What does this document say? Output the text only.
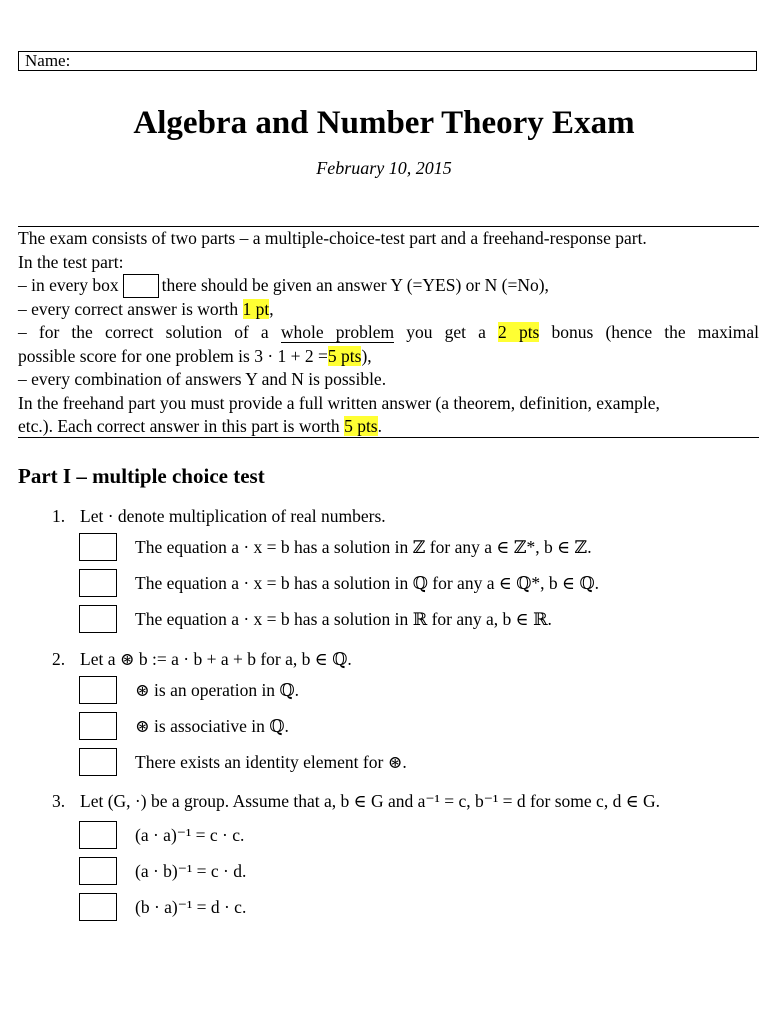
Name:
Algebra and Number Theory Exam
February 10, 2015
The exam consists of two parts – a multiple-choice-test part and a freehand-response part.
In the test part:
– in every box there should be given an answer Y (=YES) or N (=No),
– every correct answer is worth 1 pt,
– for the correct solution of a whole problem you get a 2 pts bonus (hence the maximal
possible score for one problem is 3 · 1 + 2 =5 pts),
– every combination of answers Y and N is possible.
In the freehand part you must provide a full written answer (a theorem, definition, example,
etc.). Each correct answer in this part is worth 5 pts.
Part I – multiple choice test
1. Let · denote multiplication of real numbers.
The equation a · x = b has a solution in ℤ for any a ∈ ℤ*, b ∈ ℤ.
The equation a · x = b has a solution in ℚ for any a ∈ ℚ*, b ∈ ℚ.
The equation a · x = b has a solution in ℝ for any a, b ∈ ℝ.
2. Let a ⊛ b := a · b + a + b for a, b ∈ ℚ.
⊛ is an operation in ℚ.
⊛ is associative in ℚ.
There exists an identity element for ⊛.
3. Let (G, ·) be a group. Assume that a, b ∈ G and a⁻¹ = c, b⁻¹ = d for some c, d ∈ G.
(a · a)⁻¹ = c · c.
(a · b)⁻¹ = c · d.
(b · a)⁻¹ = d · c.
